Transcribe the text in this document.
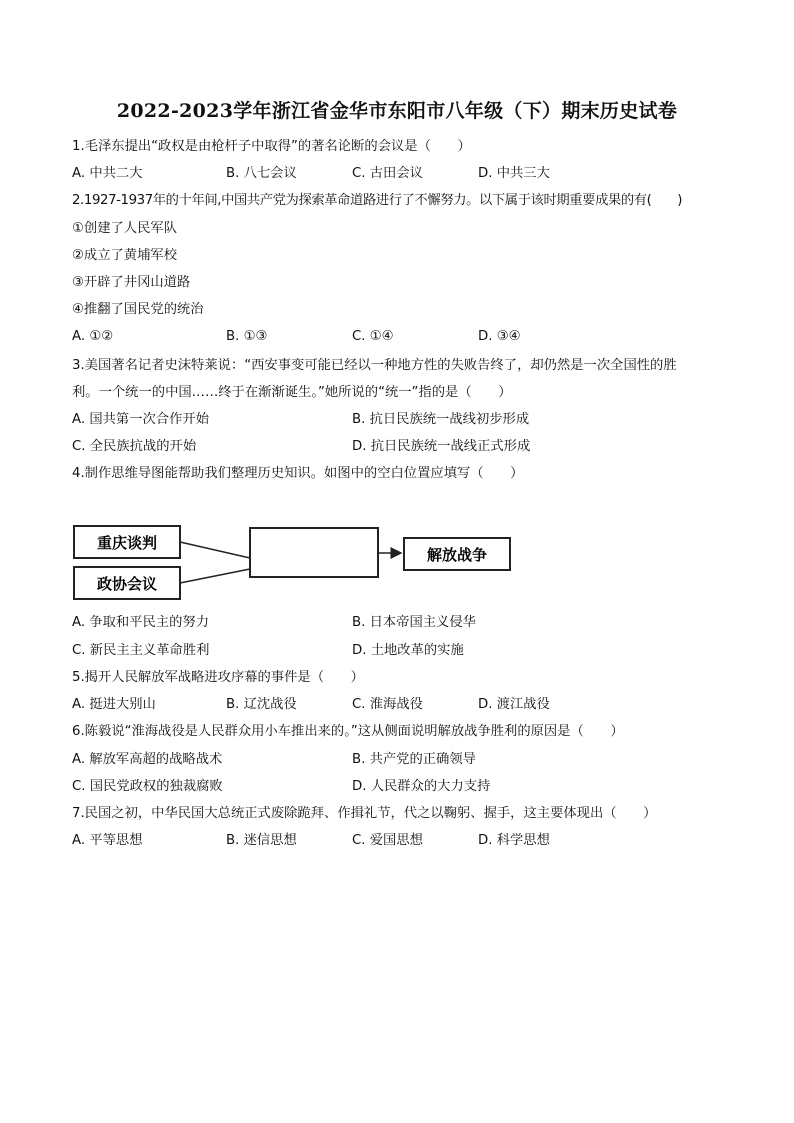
2022-2023学年浙江省金华市东阳市八年级（下）期末历史试卷
1.毛泽东提出“政权是由枪杆子中取得”的著名论断的会议是（　　）
A. 中共二大	B. 八七会议	C. 古田会议	D. 中共三大
2.1927-1937年的十年间,中国共产党为探索革命道路进行了不懈努力。以下属于该时期重要成果的有(　　)
①创建了人民军队
②成立了黄埔军校
③开辟了井冈山道路
④推翻了国民党的统治
A. ①②	B. ①③	C. ①④	D. ③④
3.美国著名记者史沫特莱说：“西安事变可能已经以一种地方性的失败告终了，却仍然是一次全国性的胜
利。一个统一的中国……终于在渐渐诞生。”她所说的“统一”指的是（　　）
A. 国共第一次合作开始	B. 抗日民族统一战线初步形成
C. 全民族抗战的开始	D. 抗日民族统一战线正式形成
4.制作思维导图能帮助我们整理历史知识。如图中的空白位置应填写（　　）
重庆谈判
政协会议
解放战争
A. 争取和平民主的努力	B. 日本帝国主义侵华
C. 新民主主义革命胜利	D. 土地改革的实施
5.揭开人民解放军战略进攻序幕的事件是（　　）
A. 挺进大别山	B. 辽沈战役	C. 淮海战役	D. 渡江战役
6.陈毅说“淮海战役是人民群众用小车推出来的。”这从侧面说明解放战争胜利的原因是（　　）
A. 解放军高超的战略战术	B. 共产党的正确领导
C. 国民党政权的独裁腐败	D. 人民群众的大力支持
7.民国之初，中华民国大总统正式废除跪拜、作揖礼节，代之以鞠躬、握手，这主要体现出（　　）
A. 平等思想	B. 迷信思想	C. 爱国思想	D. 科学思想
